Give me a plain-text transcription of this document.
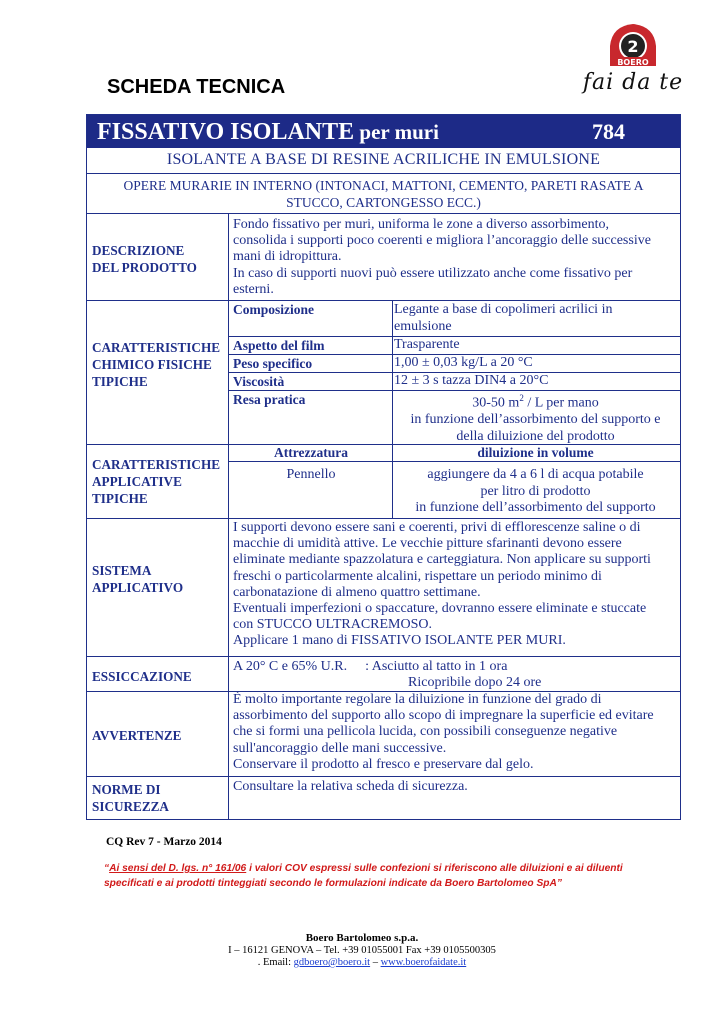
2
BOERO
fai da te
SCHEDA TECNICA
FISSATIVO ISOLANTE per muri	784
ISOLANTE A BASE DI RESINE ACRILICHE IN EMULSIONE
OPERE MURARIE IN INTERNO (INTONACI, MATTONI, CEMENTO, PARETI RASATE A
STUCCO, CARTONGESSO ECC.)
DESCRIZIONE
DEL PRODOTTO
Fondo fissativo per muri, uniforma le zone a diverso assorbimento,
consolida i supporti poco coerenti e migliora l’ancoraggio delle successive
mani di idropittura.
In caso di supporti nuovi può essere utilizzato anche come fissativo per
esterni.
CARATTERISTICHE
CHIMICO FISICHE
TIPICHE
Composizione	Legante a base di copolimeri acrilici in
emulsione
Aspetto del film	Trasparente
Peso specifico	1,00 ± 0,03 kg/L a 20 °C
Viscosità	12 ± 3 s tazza DIN4 a 20°C
Resa pratica	30-50 $m^2$ / L per mano
in funzione dell’assorbimento del supporto e
della diluizione del prodotto
CARATTERISTICHE
APPLICATIVE
TIPICHE
Attrezzatura	diluizione in volume
Pennello	aggiungere da 4 a 6 l di acqua potabile
per litro di prodotto
in funzione dell’assorbimento del supporto
SISTEMA
APPLICATIVO
I supporti devono essere sani e coerenti, privi di efflorescenze saline o di
macchie di umidità attive. Le vecchie pitture sfarinanti devono essere
eliminate mediante spazzolatura e carteggiatura. Non applicare su supporti
freschi o particolarmente alcalini, rispettare un periodo minimo di
carbonatazione di almeno quattro settimane.
Eventuali imperfezioni o spaccature, dovranno essere eliminate e stuccate
con STUCCO ULTRACREMOSO.
Applicare 1 mano di FISSATIVO ISOLANTE PER MURI.
ESSICCAZIONE
A 20° C e 65% U.R. : Asciutto al tatto in 1 ora
Ricopribile dopo 24 ore
AVVERTENZE
È molto importante regolare la diluizione in funzione del grado di
assorbimento del supporto allo scopo di impregnare la superficie ed evitare
che si formi una pellicola lucida, con possibili conseguenze negative
sull'ancoraggio delle mani successive.
Conservare il prodotto al fresco e preservare dal gelo.
NORME DI
SICUREZZA
Consultare la relativa scheda di sicurezza.
CQ Rev 7 - Marzo 2014
“Ai sensi del D. lgs. n° 161/06 i valori COV espressi sulle confezioni si riferiscono alle diluizioni e ai diluenti
specificati e ai prodotti tinteggiati secondo le formulazioni indicate da Boero Bartolomeo SpA”
Boero Bartolomeo s.p.a.
I – 16121 GENOVA – Tel. +39 01055001 Fax +39 0105500305
. Email: gdboero@boero.it – www.boerofaidate.it
